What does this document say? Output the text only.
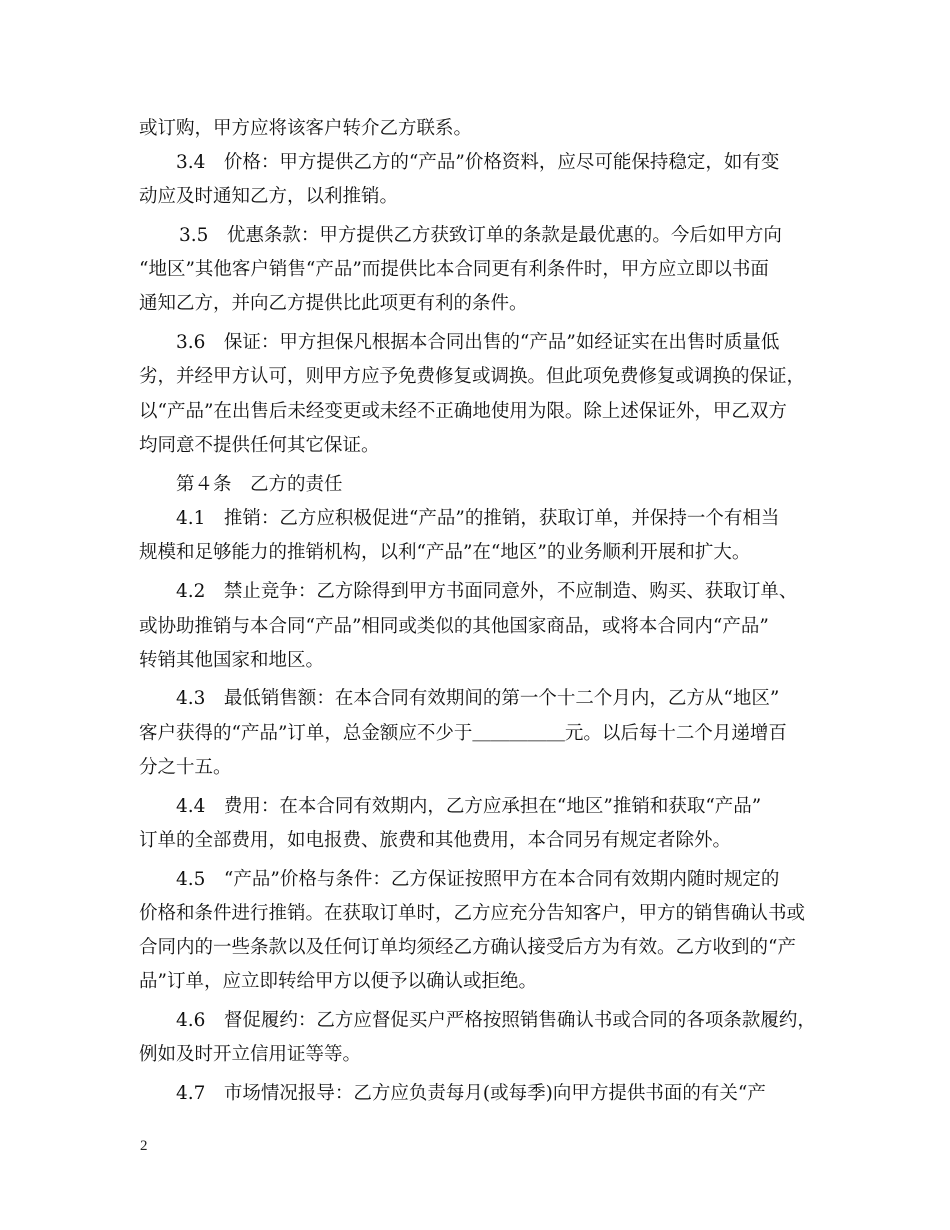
或订购，甲方应将该客户转介乙方联系。
3.4　价格：甲方提供乙方的“产品”价格资料，应尽可能保持稳定，如有变
动应及时通知乙方，以利推销。
3.5　优惠条款：甲方提供乙方获致订单的条款是最优惠的。今后如甲方向
“地区”其他客户销售“产品”而提供比本合同更有利条件时，甲方应立即以书面
通知乙方，并向乙方提供比此项更有利的条件。
3.6　保证：甲方担保凡根据本合同出售的“产品”如经证实在出售时质量低
劣，并经甲方认可，则甲方应予免费修复或调换。但此项免费修复或调换的保证，
以“产品”在出售后未经变更或未经不正确地使用为限。除上述保证外，甲乙双方
均同意不提供任何其它保证。
第４条　乙方的责任
4.1　推销：乙方应积极促进“产品”的推销，获取订单，并保持一个有相当
规模和足够能力的推销机构，以利“产品”在“地区”的业务顺利开展和扩大。
4.2　禁止竞争：乙方除得到甲方书面同意外，不应制造、购买、获取订单、
或协助推销与本合同“产品”相同或类似的其他国家商品，或将本合同内“产品”
转销其他国家和地区。
4.3　最低销售额：在本合同有效期间的第一个十二个月内，乙方从“地区”
客户获得的“产品”订单，总金额应不少于＿＿＿＿＿元。以后每十二个月递增百
分之十五。
4.4　费用：在本合同有效期内，乙方应承担在“地区”推销和获取“产品”
订单的全部费用，如电报费、旅费和其他费用，本合同另有规定者除外。
4.5　“产品”价格与条件：乙方保证按照甲方在本合同有效期内随时规定的
价格和条件进行推销。在获取订单时，乙方应充分告知客户，甲方的销售确认书或
合同内的一些条款以及任何订单均须经乙方确认接受后方为有效。乙方收到的“产
品”订单，应立即转给甲方以便予以确认或拒绝。
4.6　督促履约：乙方应督促买户严格按照销售确认书或合同的各项条款履约，
例如及时开立信用证等等。
4.7　市场情况报导：乙方应负责每月(或每季)向甲方提供书面的有关“产
2
